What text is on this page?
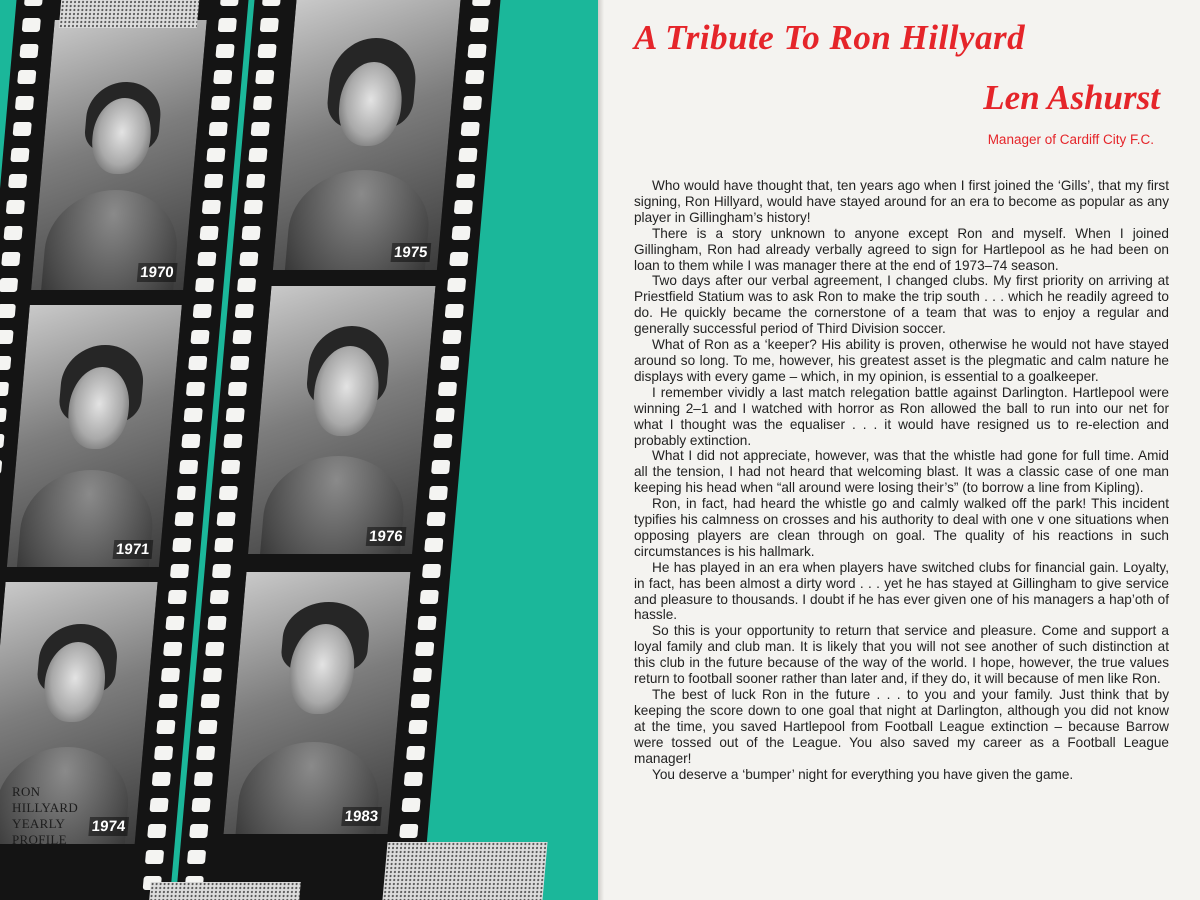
1970
1971
1974
1975
1976
1983
RON
HILLYARD
YEARLY
PROFILE
A Tribute To Ron Hillyard
Len Ashurst
Manager of Cardiff City F.C.

Who would have thought that, ten years ago when I first joined the ‘Gills’, that my first signing, Ron Hillyard, would have stayed around for an era to become as popular as any player in Gillingham’s history!

There is a story unknown to anyone except Ron and myself. When I joined Gillingham, Ron had already verbally agreed to sign for Hartlepool as he had been on loan to them while I was manager there at the end of 1973–74 season.

Two days after our verbal agreement, I changed clubs. My first priority on arriving at Priestfield Statium was to ask Ron to make the trip south . . . which he readily agreed to do. He quickly became the cornerstone of a team that was to enjoy a regular and generally successful period of Third Division soccer.

What of Ron as a ‘keeper? His ability is proven, otherwise he would not have stayed around so long. To me, however, his greatest asset is the plegmatic and calm nature he displays with every game – which, in my opinion, is essential to a goalkeeper.

I remember vividly a last match relegation battle against Darlington. Hartlepool were winning 2–1 and I watched with horror as Ron allowed the ball to run into our net for what I thought was the equaliser . . . it would have resigned us to re-election and probably extinction.

What I did not appreciate, however, was that the whistle had gone for full time. Amid all the tension, I had not heard that welcoming blast. It was a classic case of one man keeping his head when “all around were losing their’s” (to borrow a line from Kipling).

Ron, in fact, had heard the whistle go and calmly walked off the park! This incident typifies his calmness on crosses and his authority to deal with one v one situations when opposing players are clean through on goal. The quality of his reactions in such circumstances is his hallmark.

He has played in an era when players have switched clubs for financial gain. Loyalty, in fact, has been almost a dirty word . . . yet he has stayed at Gillingham to give service and pleasure to thousands. I doubt if he has ever given one of his managers a hap’oth of hassle.

So this is your opportunity to return that service and pleasure. Come and support a loyal family and club man. It is likely that you will not see another of such distinction at this club in the future because of the way of the world. I hope, however, the true values return to football sooner rather than later and, if they do, it will because of men like Ron.

The best of luck Ron in the future . . . to you and your family. Just think that by keeping the score down to one goal that night at Darlington, although you did not know at the time, you saved Hartlepool from Football League extinction – because Barrow were tossed out of the League. You also saved my career as a Football League manager!

You deserve a ‘bumper’ night for everything you have given the game.
